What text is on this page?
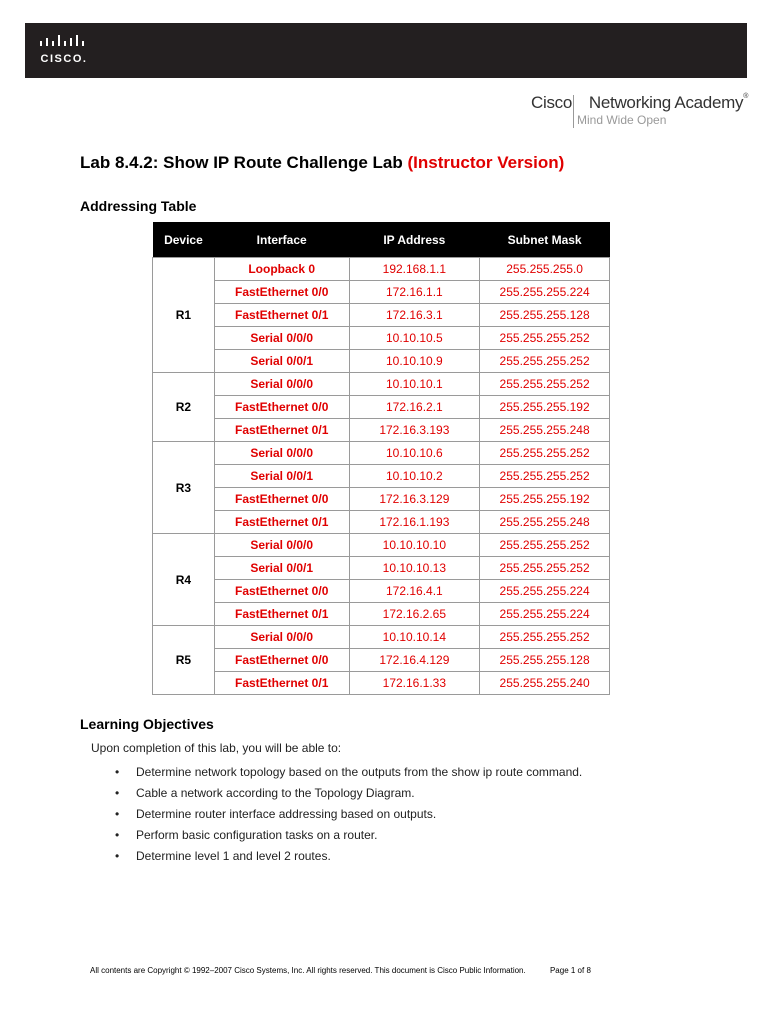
CISCO.
Cisco Networking Academy®
Mind Wide Open
Lab 8.4.2: Show IP Route Challenge Lab (Instructor Version)
Addressing Table
Device	Interface	IP Address	Subnet Mask
R1	Loopback 0	192.168.1.1	255.255.255.0
	FastEthernet 0/0	172.16.1.1	255.255.255.224
	FastEthernet 0/1	172.16.3.1	255.255.255.128
	Serial 0/0/0	10.10.10.5	255.255.255.252
	Serial 0/0/1	10.10.10.9	255.255.255.252
R2	Serial 0/0/0	10.10.10.1	255.255.255.252
	FastEthernet 0/0	172.16.2.1	255.255.255.192
	FastEthernet 0/1	172.16.3.193	255.255.255.248
R3	Serial 0/0/0	10.10.10.6	255.255.255.252
	Serial 0/0/1	10.10.10.2	255.255.255.252
	FastEthernet 0/0	172.16.3.129	255.255.255.192
	FastEthernet 0/1	172.16.1.193	255.255.255.248
R4	Serial 0/0/0	10.10.10.10	255.255.255.252
	Serial 0/0/1	10.10.10.13	255.255.255.252
	FastEthernet 0/0	172.16.4.1	255.255.255.224
	FastEthernet 0/1	172.16.2.65	255.255.255.224
R5	Serial 0/0/0	10.10.10.14	255.255.255.252
	FastEthernet 0/0	172.16.4.129	255.255.255.128
	FastEthernet 0/1	172.16.1.33	255.255.255.240
Learning Objectives
Upon completion of this lab, you will be able to:
• Determine network topology based on the outputs from the show ip route command.
• Cable a network according to the Topology Diagram.
• Determine router interface addressing based on outputs.
• Perform basic configuration tasks on a router.
• Determine level 1 and level 2 routes.
All contents are Copyright © 1992–2007 Cisco Systems, Inc. All rights reserved. This document is Cisco Public Information.	Page 1 of 8
